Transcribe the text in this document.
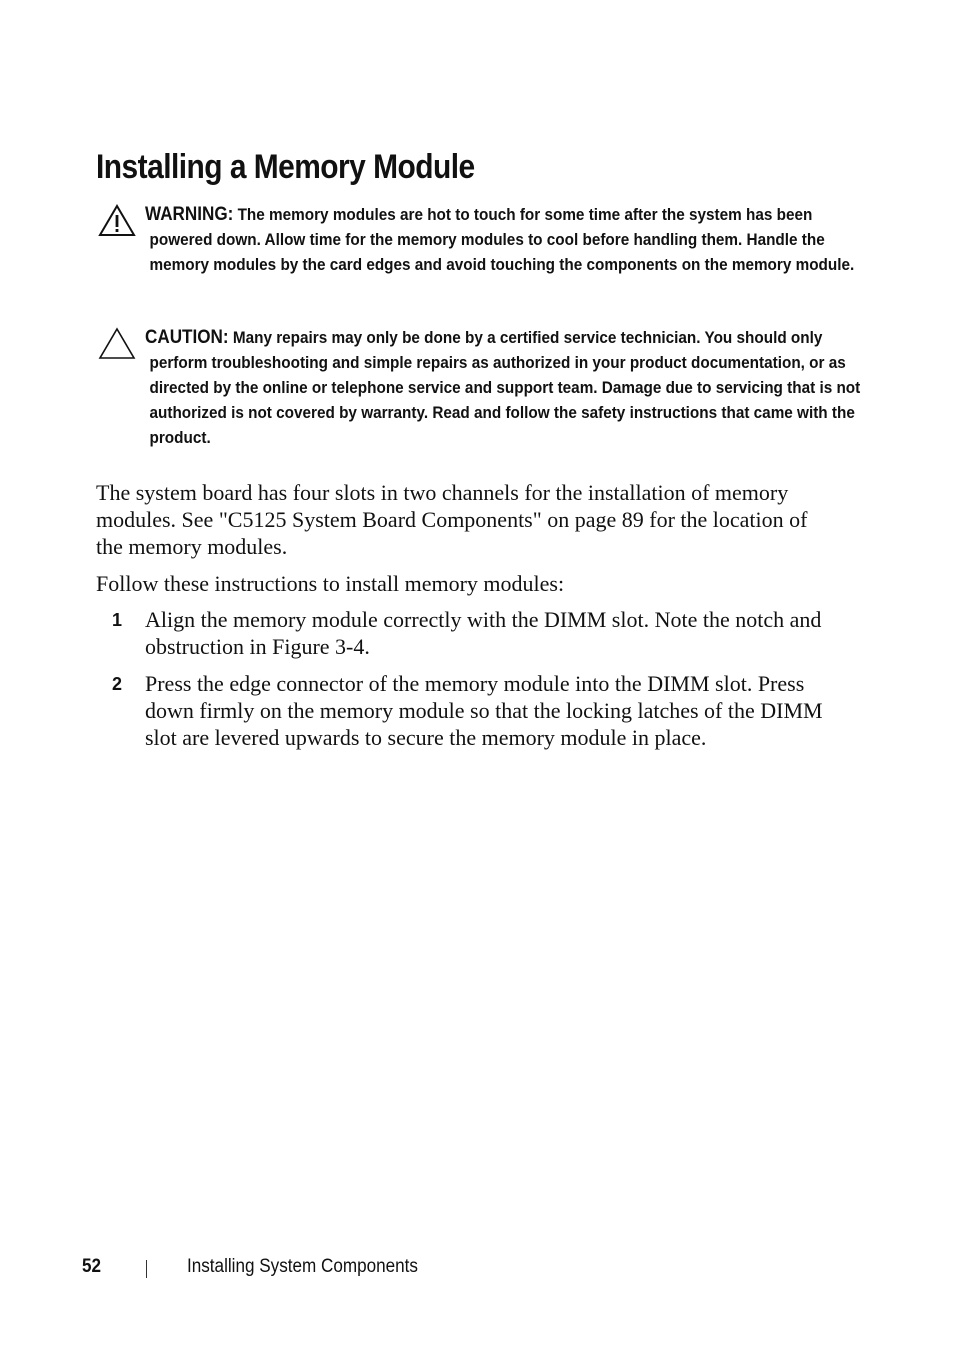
Installing a Memory Module
WARNING: The memory modules are hot to touch for some time after the system has been powered down. Allow time for the memory modules to cool before handling them. Handle the memory modules by the card edges and avoid touching the components on the memory module.
CAUTION: Many repairs may only be done by a certified service technician. You should only perform troubleshooting and simple repairs as authorized in your product documentation, or as directed by the online or telephone service and support team. Damage due to servicing that is not authorized is not covered by warranty. Read and follow the safety instructions that came with the product.

The system board has four slots in two channels for the installation of memory modules. See "C5125 System Board Components" on page 89 for the location of the memory modules.

Follow these instructions to install memory modules:

1 Align the memory module correctly with the DIMM slot. Note the notch and obstruction in Figure 3-4.
2 Press the edge connector of the memory module into the DIMM slot. Press down firmly on the memory module so that the locking latches of the DIMM slot are levered upwards to secure the memory module in place.
52	Installing System Components
